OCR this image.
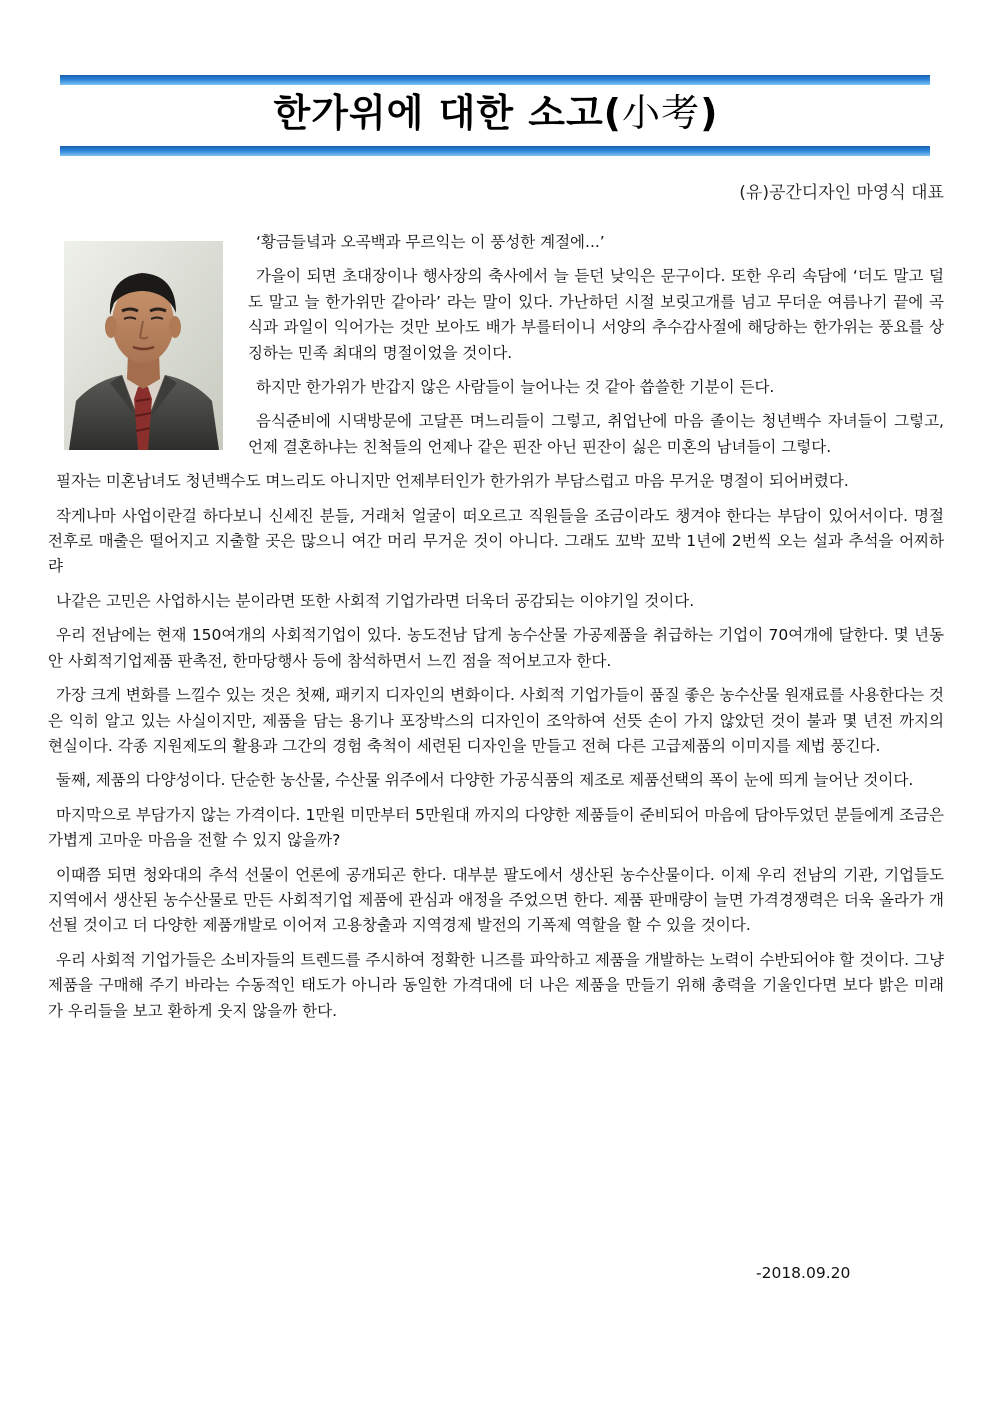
한가위에 대한 소고(小考)
(유)공간디자인 마영식 대표

‘황금들녘과 오곡백과 무르익는 이 풍성한 계절에...’

가을이 되면 초대장이나 행사장의 축사에서 늘 듣던 낮익은 문구이다. 또한 우리 속담에 ‘더도 말고 덜도 말고 늘 한가위만 같아라’ 라는 말이 있다. 가난하던 시절 보릿고개를 넘고 무더운 여름나기 끝에 곡식과 과일이 익어가는 것만 보아도 배가 부를터이니 서양의 추수감사절에 해당하는 한가위는 풍요를 상징하는 민족 최대의 명절이었을 것이다.

하지만 한가위가 반갑지 않은 사람들이 늘어나는 것 같아 씁쓸한 기분이 든다.

음식준비에 시댁방문에 고달픈 며느리들이 그렇고, 취업난에 마음 졸이는 청년백수 자녀들이 그렇고, 언제 결혼하냐는 친척들의 언제나 같은 핀잔 아닌 핀잔이 싫은 미혼의 남녀들이 그렇다.

필자는 미혼남녀도 청년백수도 며느리도 아니지만 언제부터인가 한가위가 부담스럽고 마음 무거운 명절이 되어버렸다.

작게나마 사업이란걸 하다보니 신세진 분들, 거래처 얼굴이 떠오르고 직원들을 조금이라도 챙겨야 한다는 부담이 있어서이다. 명절 전후로 매출은 떨어지고 지출할 곳은 많으니 여간 머리 무거운 것이 아니다. 그래도 꼬박 꼬박 1년에 2번씩 오는 설과 추석을 어찌하랴

나같은 고민은 사업하시는 분이라면 또한 사회적 기업가라면 더욱더 공감되는 이야기일 것이다.

우리 전남에는 현재 150여개의 사회적기업이 있다. 농도전남 답게 농수산물 가공제품을 취급하는 기업이 70여개에 달한다. 몇 년동안 사회적기업제품 판촉전, 한마당행사 등에 참석하면서 느낀 점을 적어보고자 한다.

가장 크게 변화를 느낄수 있는 것은 첫째, 패키지 디자인의 변화이다. 사회적 기업가들이 품질 좋은 농수산물 원재료를 사용한다는 것은 익히 알고 있는 사실이지만, 제품을 담는 용기나 포장박스의 디자인이 조악하여 선뜻 손이 가지 않았던 것이 불과 몇 년전 까지의 현실이다. 각종 지원제도의 활용과 그간의 경험 축척이 세련된 디자인을 만들고 전혀 다른 고급제품의 이미지를 제법 풍긴다.

둘째, 제품의 다양성이다. 단순한 농산물, 수산물 위주에서 다양한 가공식품의 제조로 제품선택의 폭이 눈에 띄게 늘어난 것이다.

마지막으로 부담가지 않는 가격이다. 1만원 미만부터 5만원대 까지의 다양한 제품들이 준비되어 마음에 담아두었던 분들에게 조금은 가볍게 고마운 마음을 전할 수 있지 않을까?

이때쯤 되면 청와대의 추석 선물이 언론에 공개되곤 한다. 대부분 팔도에서 생산된 농수산물이다. 이제 우리 전남의 기관, 기업들도 지역에서 생산된 농수산물로 만든 사회적기업 제품에 관심과 애정을 주었으면 한다. 제품 판매량이 늘면 가격경쟁력은 더욱 올라가 개선될 것이고 더 다양한 제품개발로 이어져 고용창출과 지역경제 발전의 기폭제 역할을 할 수 있을 것이다.

우리 사회적 기업가들은 소비자들의 트렌드를 주시하여 정확한 니즈를 파악하고 제품을 개발하는 노력이 수반되어야 할 것이다. 그냥 제품을 구매해 주기 바라는 수동적인 태도가 아니라 동일한 가격대에 더 나은 제품을 만들기 위해 총력을 기울인다면 보다 밝은 미래가 우리들을 보고 환하게 웃지 않을까 한다.

-2018.09.20
